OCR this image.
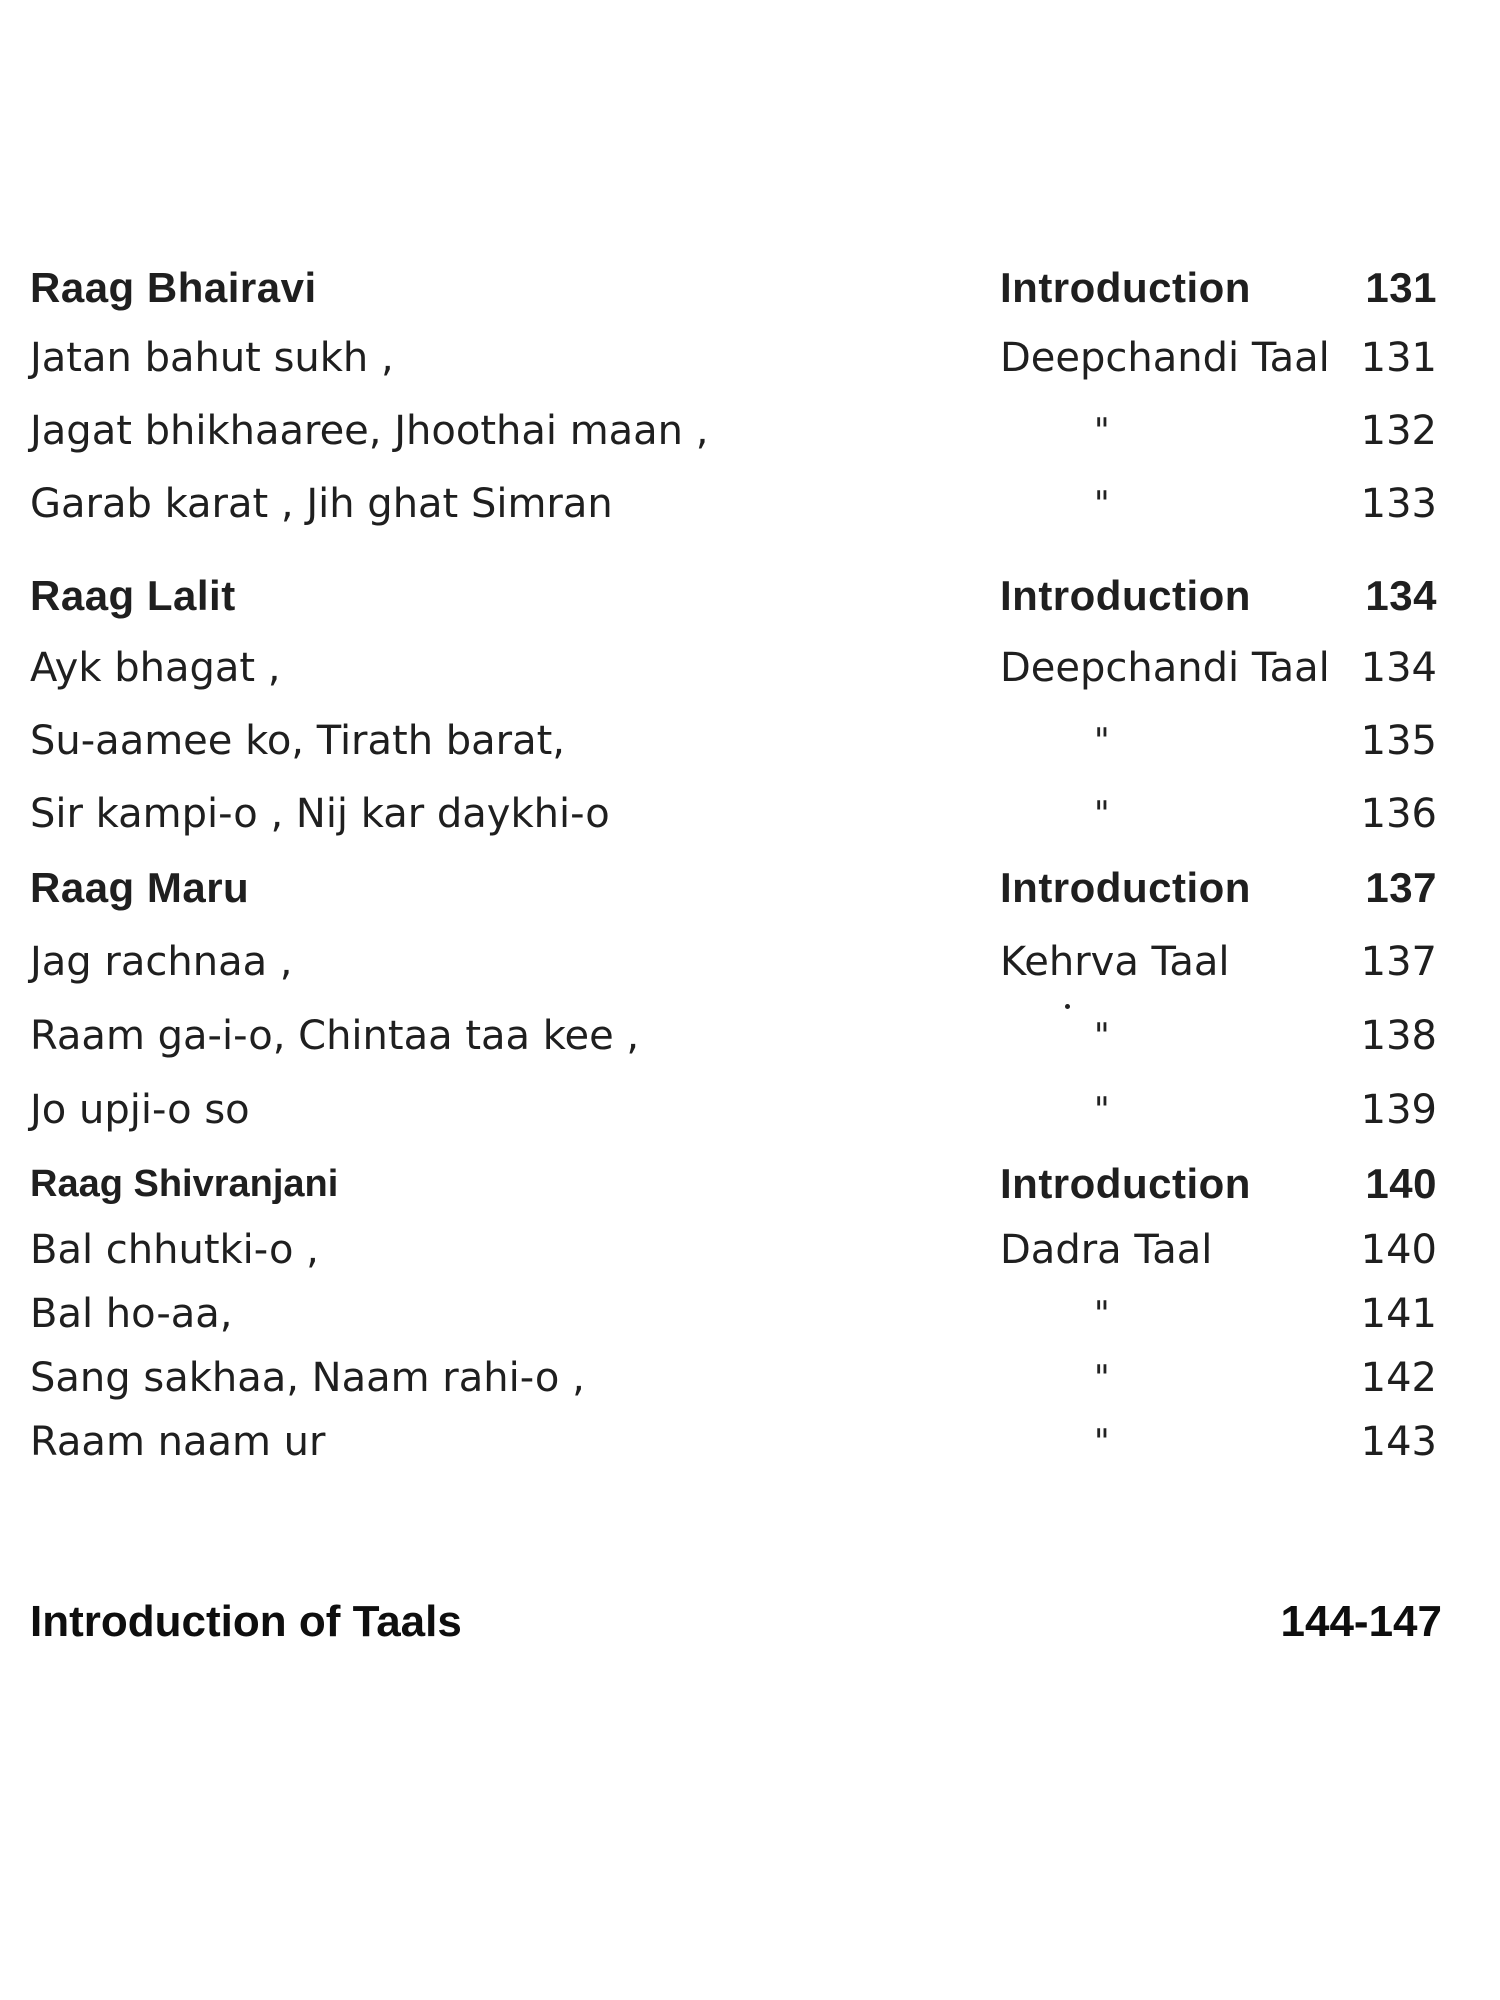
Raag Bhairavi	Introduction	131
Jatan bahut sukh ,	Deepchandi Taal 131
Jagat bhikhaaree, Jhoothai maan ,	"	132
Garab karat , Jih ghat Simran	"	133
Raag Lalit	Introduction	134
Ayk bhagat ,	Deepchandi Taal 134
Su-aamee ko, Tirath barat,	"	135
Sir kampi-o , Nij kar daykhi-o	"	136
Raag Maru	Introduction	137
Jag rachnaa ,	Kehrva Taal	137
Raam ga-i-o, Chintaa taa kee ,	"	138
Jo upji-o so	"	139
Raag Shivranjani	Introduction	140
Bal chhutki-o ,	Dadra Taal	140
Bal ho-aa,	"	141
Sang sakhaa, Naam rahi-o ,	"	142
Raam naam ur	"	143
Introduction of Taals	144-147
